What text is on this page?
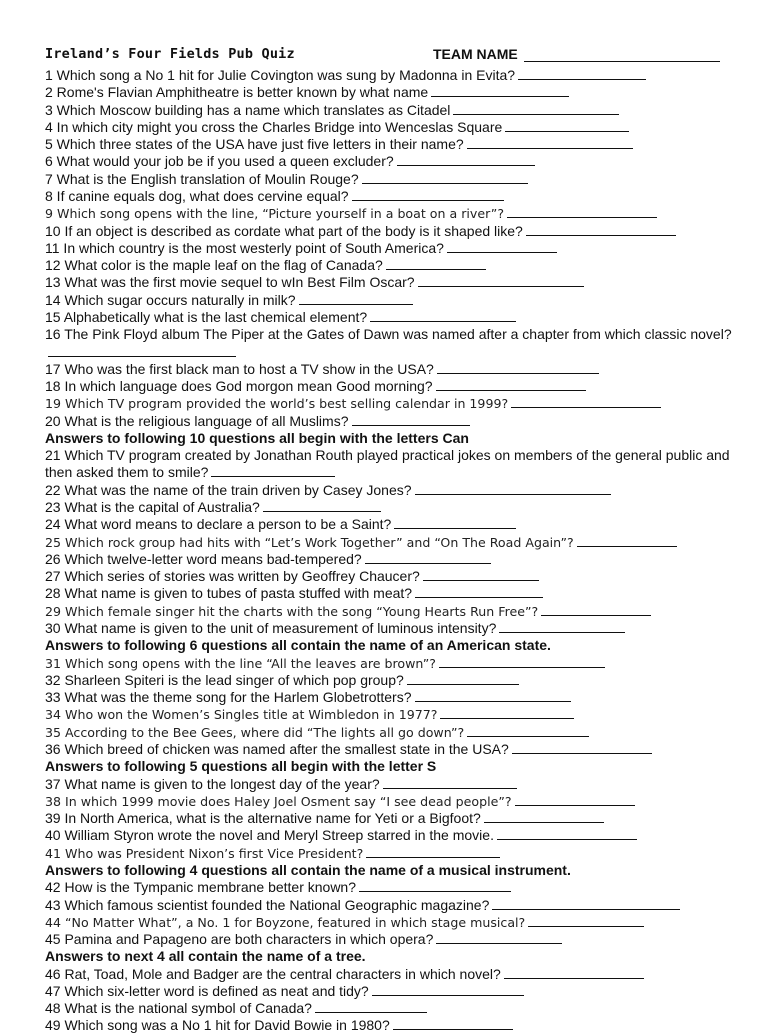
Ireland’s Four Fields Pub Quiz	TEAM NAME
1 Which song a No 1 hit for Julie Covington was sung by Madonna in Evita?
2 Rome's Flavian Amphitheatre is better known by what name
3 Which Moscow building has a name which translates as Citadel
4 In which city might you cross the Charles Bridge into Wenceslas Square
5 Which three states of the USA have just five letters in their name?
6 What would your job be if you used a queen excluder?
7 What is the English translation of Moulin Rouge?
8 If canine equals dog, what does cervine equal?
9 Which song opens with the line, “Picture yourself in a boat on a river”?
10 If an object is described as cordate what part of the body is it shaped like?
11 In which country is the most westerly point of South America?
12 What color is the maple leaf on the flag of Canada?
13 What was the first movie sequel to wIn Best Film Oscar?
14 Which sugar occurs naturally in milk?
15 Alphabetically what is the last chemical element?
16 The Pink Floyd album The Piper at the Gates of Dawn was named after a chapter from which classic novel?
17 Who was the first black man to host a TV show in the USA?
18 In which language does God morgon mean Good morning?
19 Which TV program provided the world’s best selling calendar in 1999?
20 What is the religious language of all Muslims?
Answers to following 10 questions all begin with the letters Can
21 Which TV program created by Jonathan Routh played practical jokes on members of the general public and then asked them to smile?
22 What was the name of the train driven by Casey Jones?
23 What is the capital of Australia?
24 What word means to declare a person to be a Saint?
25 Which rock group had hits with “Let’s Work Together” and “On The Road Again”?
26 Which twelve-letter word means bad-tempered?
27 Which series of stories was written by Geoffrey Chaucer?
28 What name is given to tubes of pasta stuffed with meat?
29 Which female singer hit the charts with the song “Young Hearts Run Free”?
30 What name is given to the unit of measurement of luminous intensity?
Answers to following 6 questions all contain the name of an American state.
31 Which song opens with the line “All the leaves are brown”?
32 Sharleen Spiteri is the lead singer of which pop group?
33 What was the theme song for the Harlem Globetrotters?
34 Who won the Women’s Singles title at Wimbledon in 1977?
35 According to the Bee Gees, where did “The lights all go down”?
36 Which breed of chicken was named after the smallest state in the USA?
Answers to following 5 questions all begin with the letter S
37 What name is given to the longest day of the year?
38 In which 1999 movie does Haley Joel Osment say “I see dead people”?
39 In North America, what is the alternative name for Yeti or a Bigfoot?
40 William Styron wrote the novel and Meryl Streep starred in the movie.
41 Who was President Nixon’s first Vice President?
Answers to following 4 questions all contain the name of a musical instrument.
42 How is the Tympanic membrane better known?
43 Which famous scientist founded the National Geographic magazine?
44 “No Matter What”, a No. 1 for Boyzone, featured in which stage musical?
45 Pamina and Papageno are both characters in which opera?
Answers to next 4 all contain the name of a tree.
46 Rat, Toad, Mole and Badger are the central characters in which novel?
47 Which six-letter word is defined as neat and tidy?
48 What is the national symbol of Canada?
49 Which song was a No 1 hit for David Bowie in 1980?
